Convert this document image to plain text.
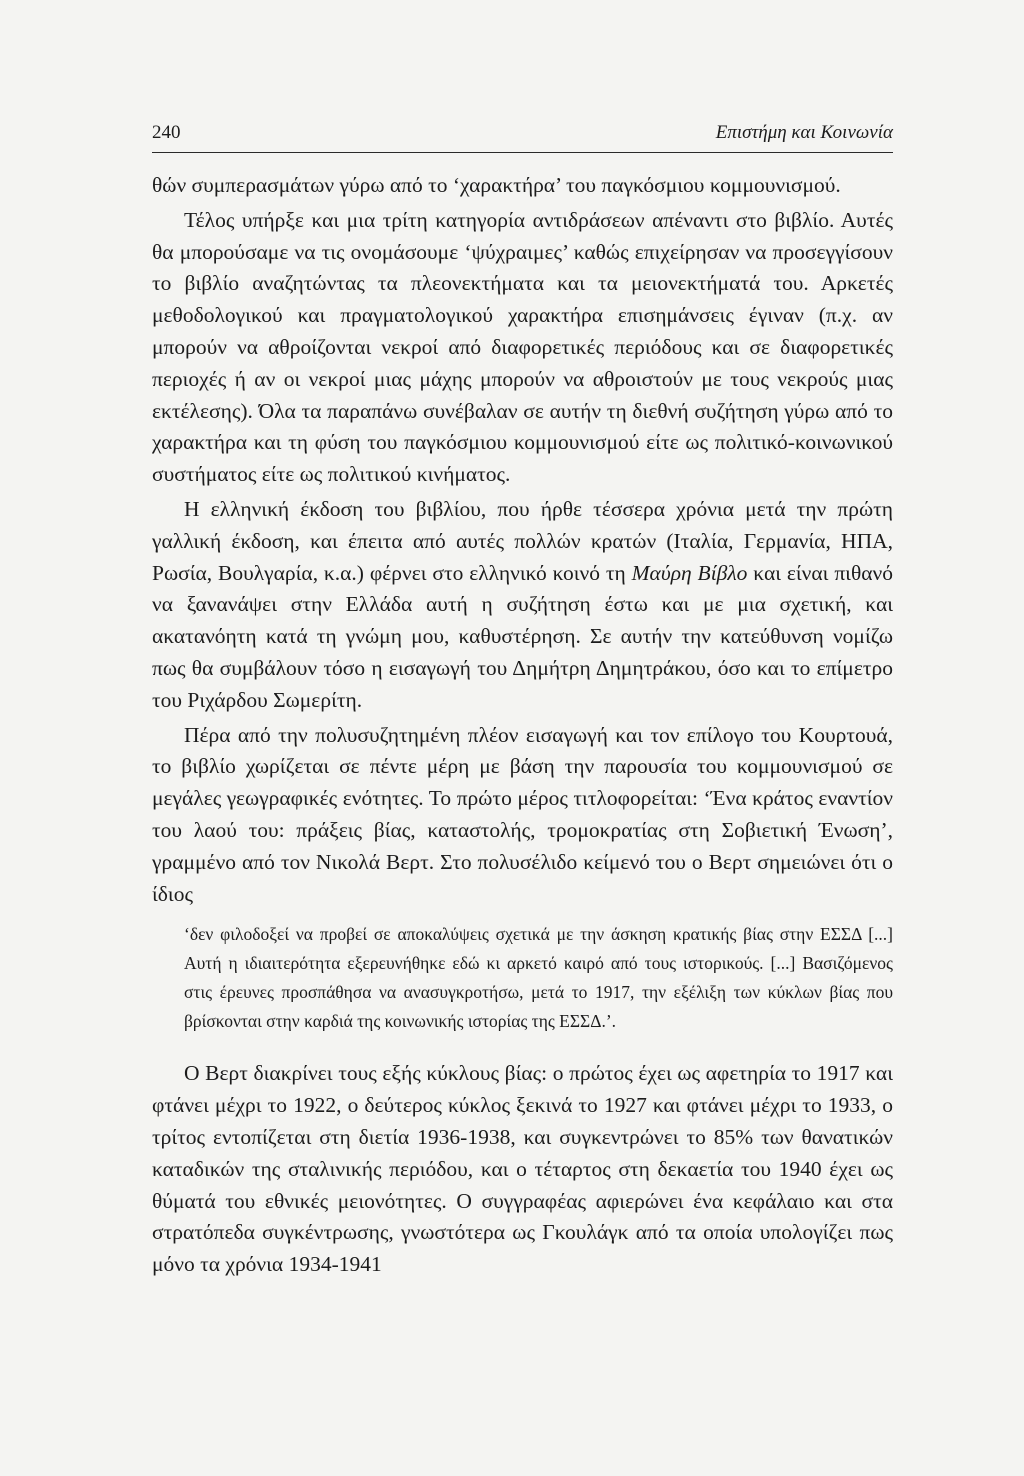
240	Επιστήμη και Κοινωνία

θών συμπερασμάτων γύρω από το ‘χαρακτήρα’ του παγκόσμιου κομμουνισμού.

Τέλος υπήρξε και μια τρίτη κατηγορία αντιδράσεων απέναντι στο βιβλίο. Αυτές θα μπορούσαμε να τις ονομάσουμε ‘ψύχραιμες’ καθώς επιχείρησαν να προσεγγίσουν το βιβλίο αναζητώντας τα πλεονεκτήματα και τα μειονεκτήματά του. Αρκετές μεθοδολογικού και πραγματολογικού χαρακτήρα επισημάνσεις έγιναν (π.χ. αν μπορούν να αθροίζονται νεκροί από διαφορετικές περιόδους και σε διαφορετικές περιοχές ή αν οι νεκροί μιας μάχης μπορούν να αθροιστούν με τους νεκρούς μιας εκτέλεσης). Όλα τα παραπάνω συνέβαλαν σε αυτήν τη διεθνή συζήτηση γύρω από το χαρακτήρα και τη φύση του παγκόσμιου κομμουνισμού είτε ως πολιτικό-κοινωνικού συστήματος είτε ως πολιτικού κινήματος.

Η ελληνική έκδοση του βιβλίου, που ήρθε τέσσερα χρόνια μετά την πρώτη γαλλική έκδοση, και έπειτα από αυτές πολλών κρατών (Ιταλία, Γερμανία, ΗΠΑ, Ρωσία, Βουλγαρία, κ.α.) φέρνει στο ελληνικό κοινό τη Μαύρη Βίβλο και είναι πιθανό να ξανανάψει στην Ελλάδα αυτή η συζήτηση έστω και με μια σχετική, και ακατανόητη κατά τη γνώμη μου, καθυστέρηση. Σε αυτήν την κατεύθυνση νομίζω πως θα συμβάλουν τόσο η εισαγωγή του Δημήτρη Δημητράκου, όσο και το επίμετρο του Ριχάρδου Σωμερίτη.

Πέρα από την πολυσυζητημένη πλέον εισαγωγή και τον επίλογο του Κουρτουά, το βιβλίο χωρίζεται σε πέντε μέρη με βάση την παρουσία του κομμουνισμού σε μεγάλες γεωγραφικές ενότητες. Το πρώτο μέρος τιτλοφορείται: ‘Ένα κράτος εναντίον του λαού του: πράξεις βίας, καταστολής, τρομοκρατίας στη Σοβιετική Ένωση’, γραμμένο από τον Νικολά Βερτ. Στο πολυσέλιδο κείμενό του ο Βερτ σημειώνει ότι ο ίδιος

‘δεν φιλοδοξεί να προβεί σε αποκαλύψεις σχετικά με την άσκηση κρατικής βίας στην ΕΣΣΔ [...] Αυτή η ιδιαιτερότητα εξερευνήθηκε εδώ κι αρκετό καιρό από τους ιστορικούς. [...] Βασιζόμενος στις έρευνες προσπάθησα να ανασυγκροτήσω, μετά το 1917, την εξέλιξη των κύκλων βίας που βρίσκονται στην καρδιά της κοινωνικής ιστορίας της ΕΣΣΔ.’.

Ο Βερτ διακρίνει τους εξής κύκλους βίας: ο πρώτος έχει ως αφετηρία το 1917 και φτάνει μέχρι το 1922, ο δεύτερος κύκλος ξεκινά το 1927 και φτάνει μέχρι το 1933, ο τρίτος εντοπίζεται στη διετία 1936-1938, και συγκεντρώνει το 85% των θανατικών καταδικών της σταλινικής περιόδου, και ο τέταρτος στη δεκαετία του 1940 έχει ως θύματά του εθνικές μειονότητες. Ο συγγραφέας αφιερώνει ένα κεφάλαιο και στα στρατόπεδα συγκέντρωσης, γνωστότερα ως Γκουλάγκ από τα οποία υπολογίζει πως μόνο τα χρόνια 1934-1941
